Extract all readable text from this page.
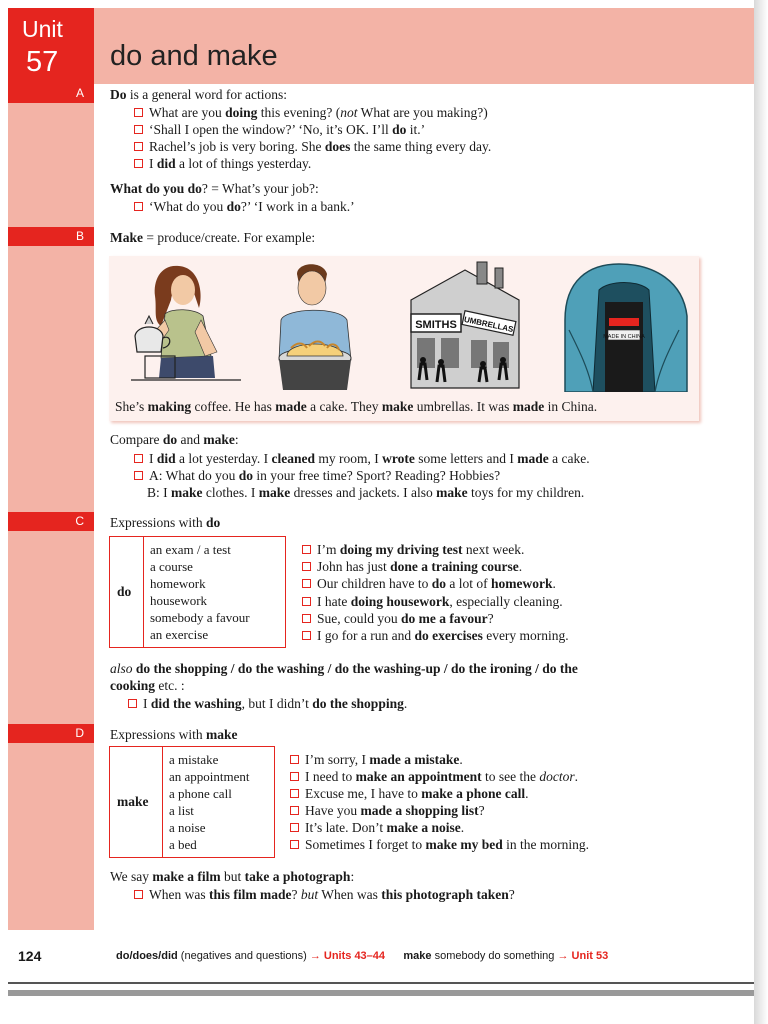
Unit
57 do and make
A	Do is a general word for actions:
What are you doing this evening? (not What are you making?)
‘Shall I open the window?’ ‘No, it’s OK. I’ll do it.’
Rachel’s job is very boring. She does the same thing every day.
I did a lot of things yesterday.
What do you do? = What’s your job?:
‘What do you do?’ ‘I work in a bank.’
B	Make = produce/create. For example:
SMITHS UMBRELLAS
MADE IN CHINA
She’s making coffee. He has made a cake. They make umbrellas. It was made in China.
Compare do and make:
I did a lot yesterday. I cleaned my room, I wrote some letters and I made a cake.
A: What do you do in your free time? Sport? Reading? Hobbies?
B: I make clothes. I make dresses and jackets. I also make toys for my children.
C	Expressions with do
do
an exam / a test
a course
homework
housework
somebody a favour
an exercise
I’m doing my driving test next week.
John has just done a training course.
Our children have to do a lot of homework.
I hate doing housework, especially cleaning.
Sue, could you do me a favour?
I go for a run and do exercises every morning.
also do the shopping / do the washing / do the washing-up / do the ironing / do the
cooking etc. :
I did the washing, but I didn’t do the shopping.
D	Expressions with make
make
a mistake
an appointment
a phone call
a list
a noise
a bed
I’m sorry, I made a mistake.
I need to make an appointment to see the doctor.
Excuse me, I have to make a phone call.
Have you made a shopping list?
It’s late. Don’t make a noise.
Sometimes I forget to make my bed in the morning.
We say make a film but take a photograph:
When was this film made? but When was this photograph taken?
124	do/does/did (negatives and questions) → Units 43–44 make somebody do something → Unit 53
